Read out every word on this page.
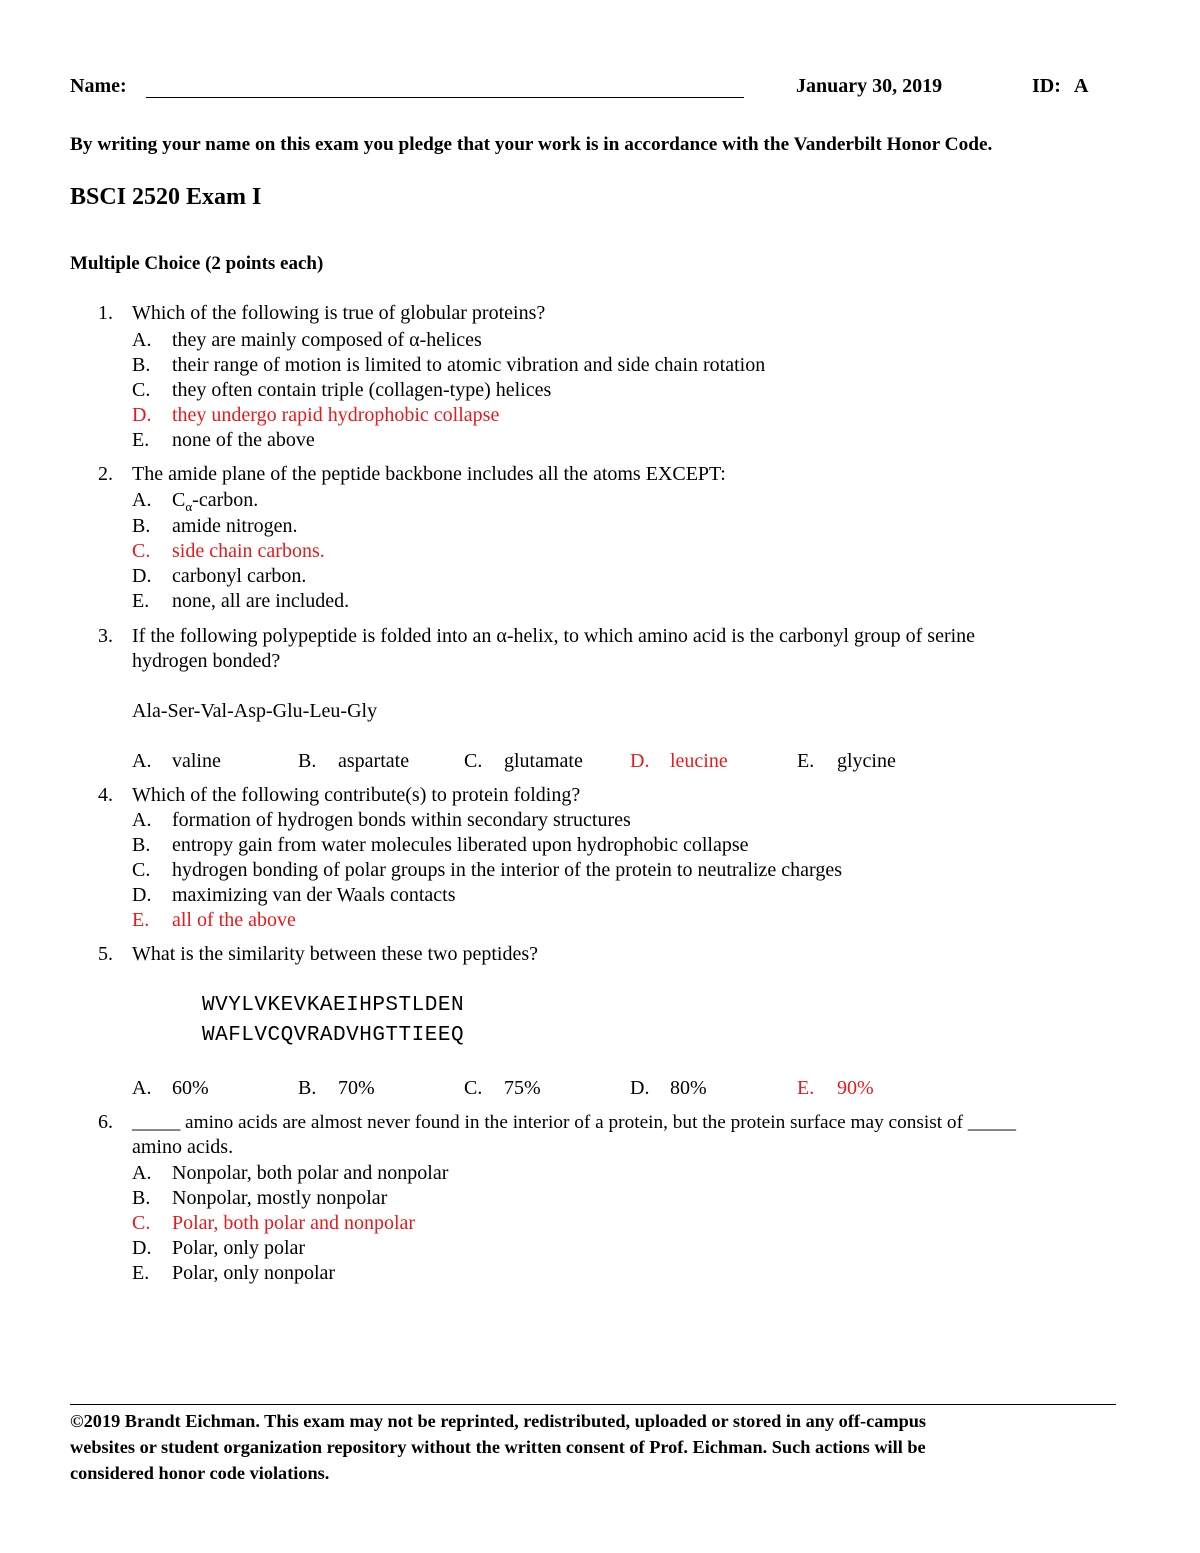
Name:	January 30, 2019	ID: A
By writing your name on this exam you pledge that your work is in accordance with the Vanderbilt Honor Code.
BSCI 2520 Exam I
Multiple Choice (2 points each)
1. Which of the following is true of globular proteins?
A. they are mainly composed of α-helices
B. their range of motion is limited to atomic vibration and side chain rotation
C. they often contain triple (collagen-type) helices
D. they undergo rapid hydrophobic collapse
E. none of the above
2. The amide plane of the peptide backbone includes all the atoms EXCEPT:
A. $C_\alpha$-carbon.
B. amide nitrogen.
C. side chain carbons.
D. carbonyl carbon.
E. none, all are included.
3. If the following polypeptide is folded into an α-helix, to which amino acid is the carbonyl group of serine
hydrogen bonded?
Ala-Ser-Val-Asp-Glu-Leu-Gly
A. valine	B. aspartate	C. glutamate D. leucine	E. glycine
4. Which of the following contribute(s) to protein folding?
A. formation of hydrogen bonds within secondary structures
B. entropy gain from water molecules liberated upon hydrophobic collapse
C. hydrogen bonding of polar groups in the interior of the protein to neutralize charges
D. maximizing van der Waals contacts
E. all of the above
5. What is the similarity between these two peptides?
WVYLVKEVKAEIHPSTLDEN
WAFLVCQVRADVHGTTIEEQ
A. 60%	B. 70%	C. 75%	D. 80%	E. 90%
6. _____ amino acids are almost never found in the interior of a protein, but the protein surface may consist of _____
amino acids.
A. Nonpolar, both polar and nonpolar
B. Nonpolar, mostly nonpolar
C. Polar, both polar and nonpolar
D. Polar, only polar
E. Polar, only nonpolar
©2019 Brandt Eichman. This exam may not be reprinted, redistributed, uploaded or stored in any off-campus
websites or student organization repository without the written consent of Prof. Eichman. Such actions will be
considered honor code violations.
